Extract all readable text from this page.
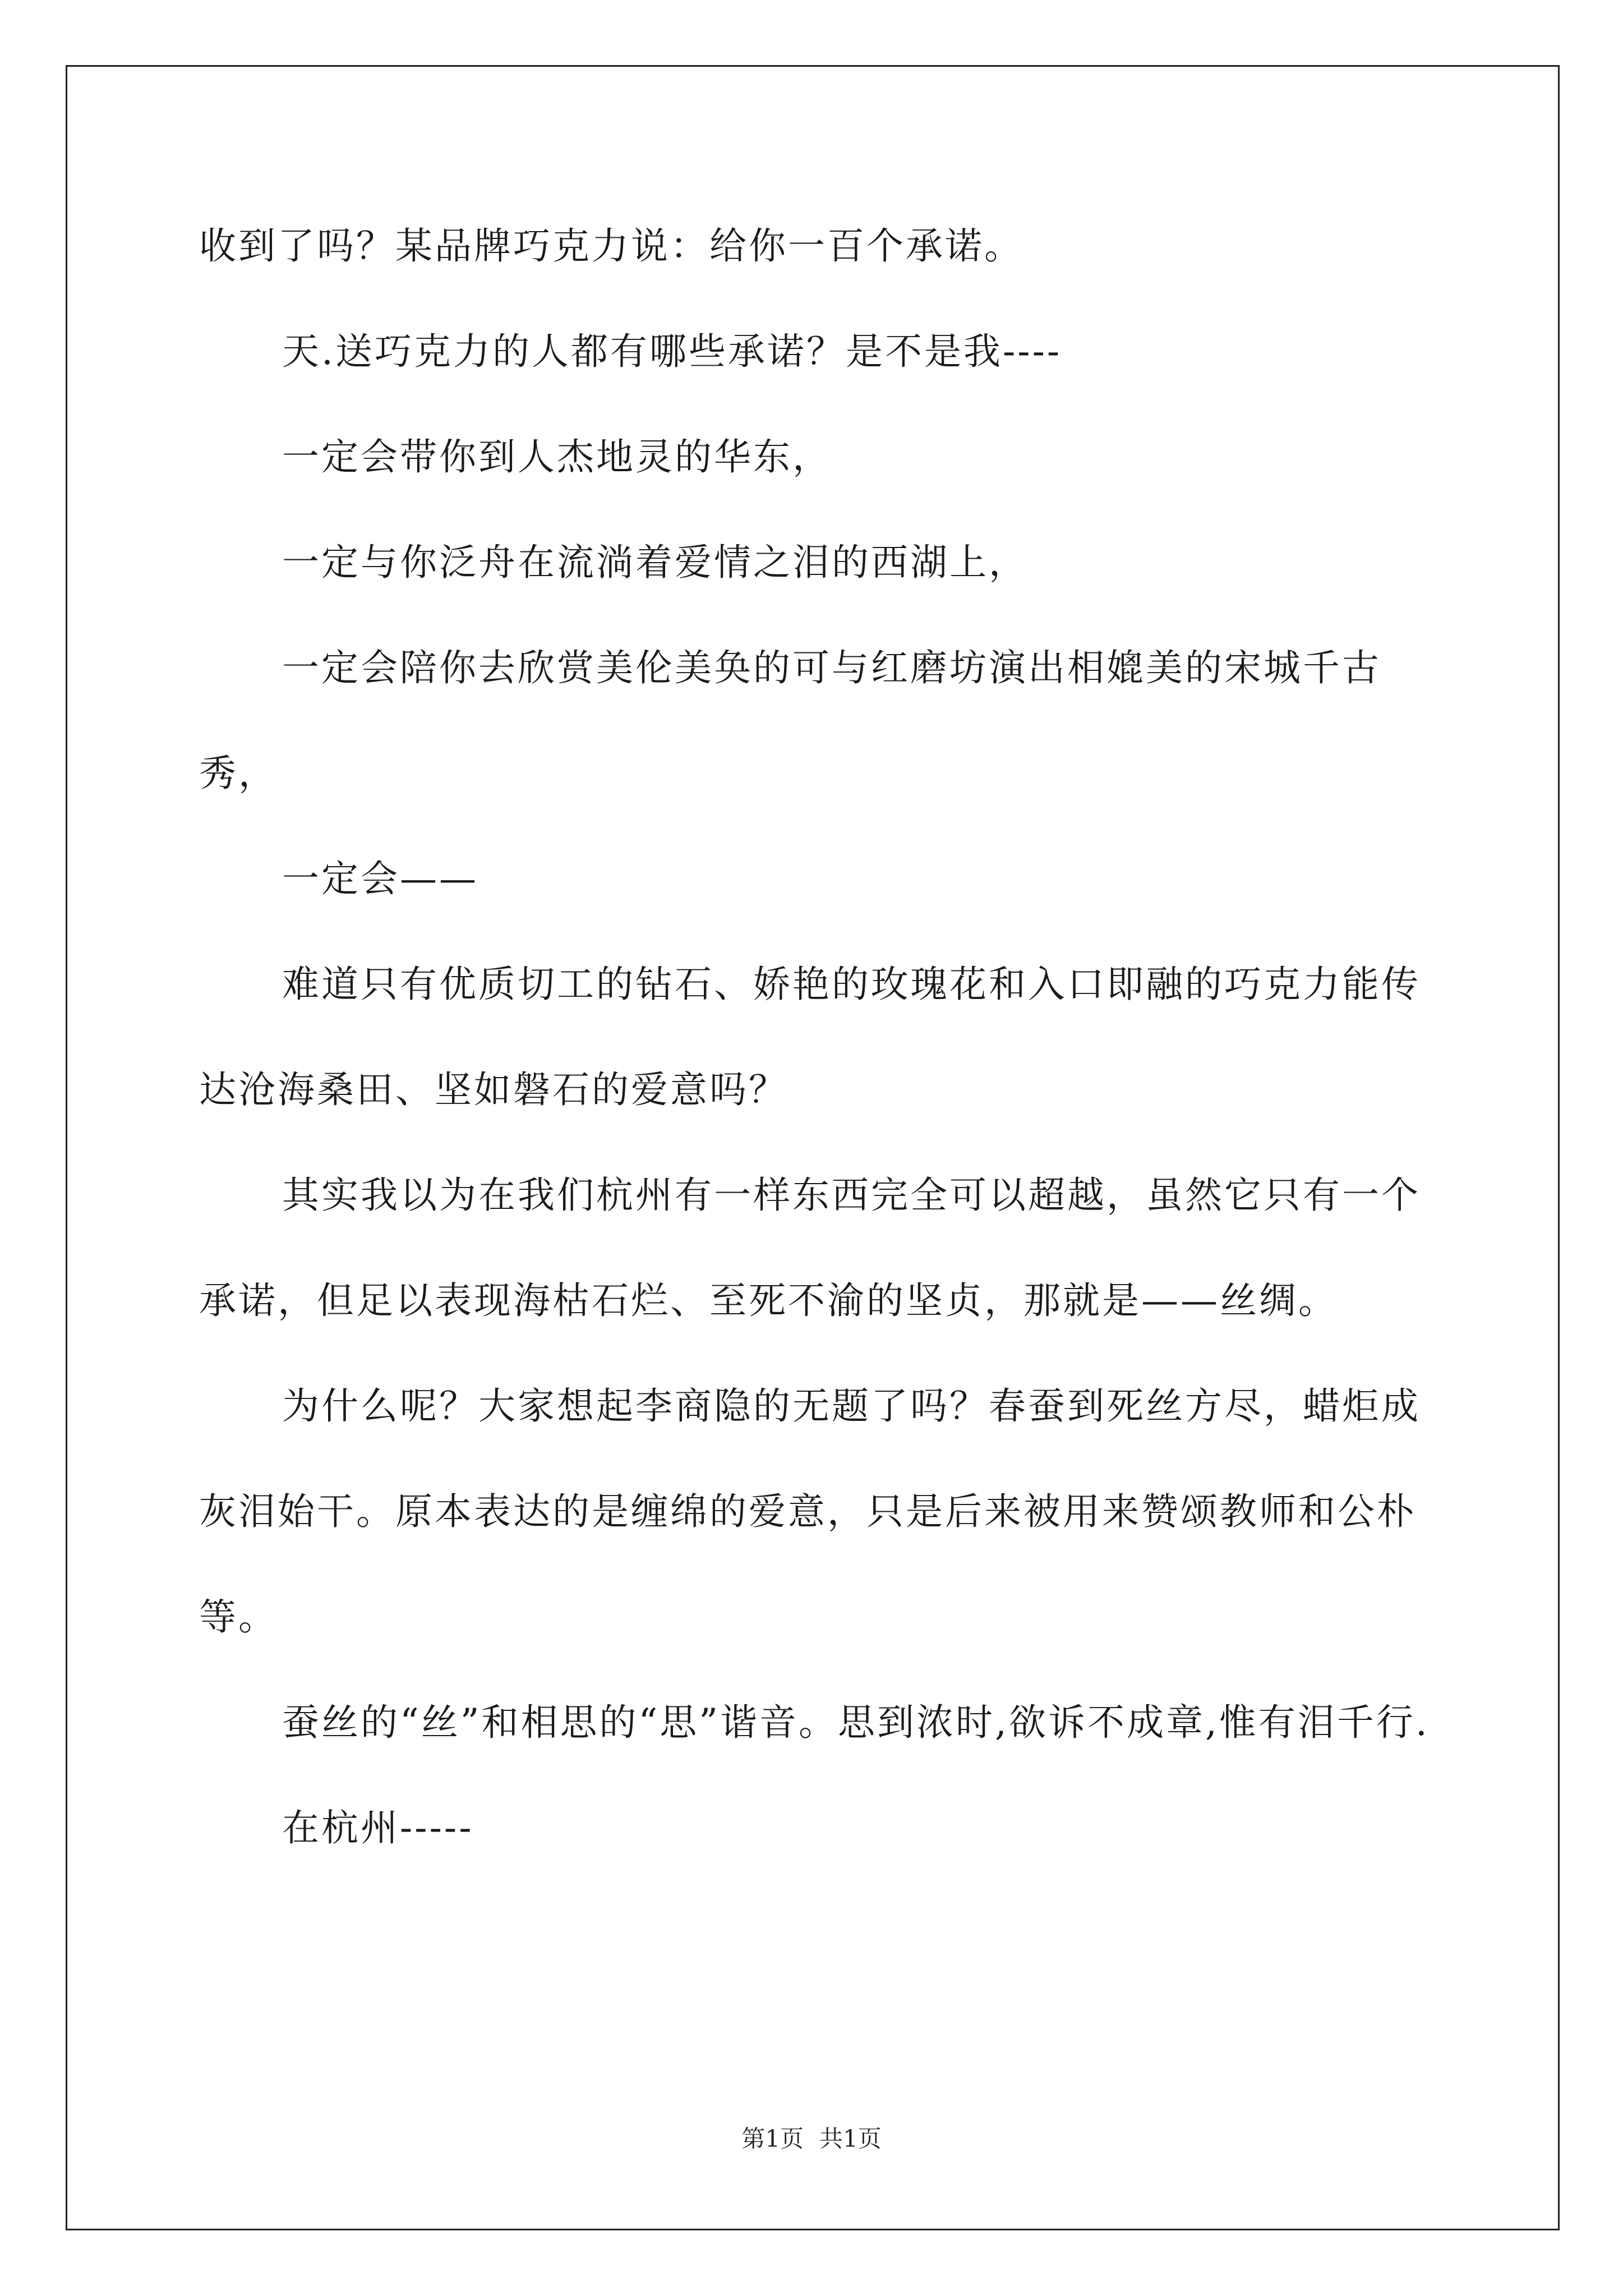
收到了吗？某品牌巧克力说：给你一百个承诺。

天.送巧克力的人都有哪些承诺？是不是我----

一定会带你到人杰地灵的华东，

一定与你泛舟在流淌着爱情之泪的西湖上，

一定会陪你去欣赏美伦美奂的可与红磨坊演出相媲美的宋城千古秀，

一定会——

难道只有优质切工的钻石、娇艳的玫瑰花和入口即融的巧克力能传达沧海桑田、坚如磐石的爱意吗？

其实我以为在我们杭州有一样东西完全可以超越，虽然它只有一个承诺，但足以表现海枯石烂、至死不渝的坚贞，那就是——丝绸。

为什么呢？大家想起李商隐的无题了吗？春蚕到死丝方尽，蜡炬成灰泪始干。原本表达的是缠绵的爱意，只是后来被用来赞颂教师和公朴等。

蚕丝的“丝”和相思的“思”谐音。思到浓时,欲诉不成章,惟有泪千行.

在杭州-----

第1页 共1页
